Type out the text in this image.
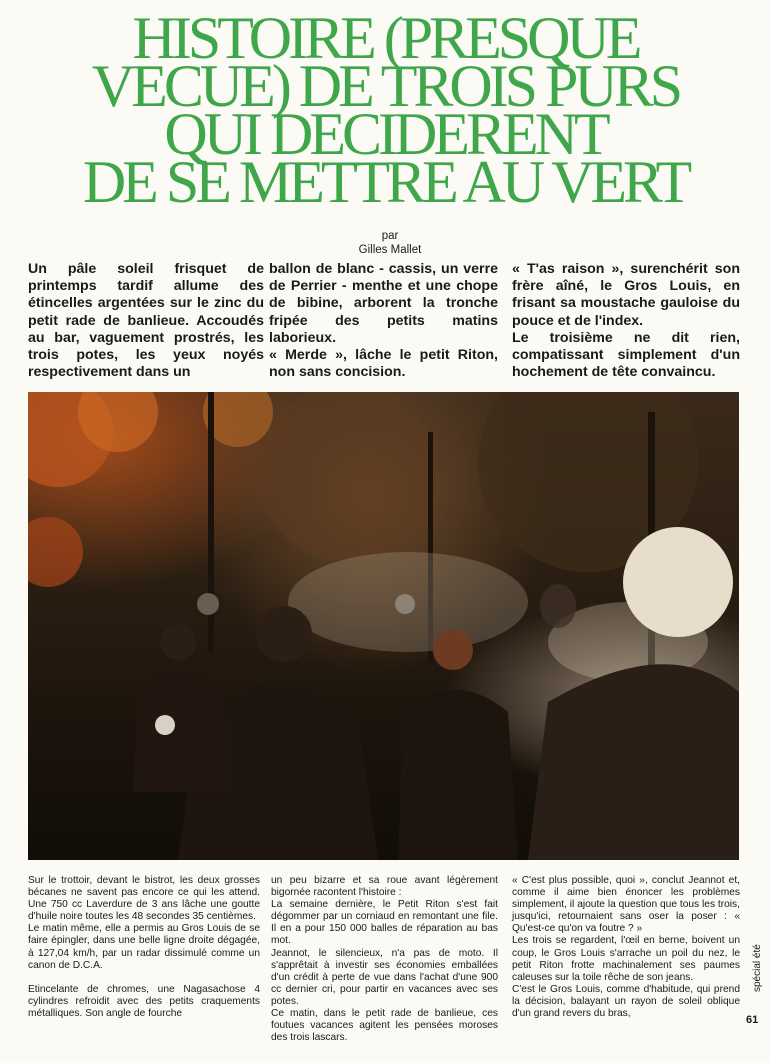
HISTOIRE (PRESQUE
VECUE) DE TROIS PURS
QUI DECIDERENT
DE SE METTRE AU VERT
par
Gilles Mallet

Un pâle soleil frisquet de printemps tardif allume des étincelles argentées sur le zinc du petit rade de banlieue. Accoudés au bar, vaguement prostrés, les trois potes, les yeux noyés respectivement dans un

ballon de blanc - cassis, un verre de Perrier - menthe et une chope de bibine, arborent la tronche fripée des petits matins laborieux.

« Merde », lâche le petit Riton, non sans concision.

« T'as raison », surenchérit son frère aîné, le Gros Louis, en frisant sa moustache gauloise du pouce et de l'index.

Le troisième ne dit rien, compatissant simplement d'un hochement de tête convaincu.

Sur le trottoir, devant le bistrot, les deux grosses bécanes ne savent pas encore ce qui les attend. Une 750 cc Laverdure de 3 ans lâche une goutte d'huile noire toutes les 48 secondes 35 centièmes.

Le matin même, elle a permis au Gros Louis de se faire épingler, dans une belle ligne droite dégagée, à 127,04 km/h, par un radar dissimulé comme un canon de D.C.A.

Etincelante de chromes, une Nagasachose 4 cylindres refroidit avec des petits craquements métalliques. Son angle de fourche

un peu bizarre et sa roue avant légèrement bigornée racontent l'histoire :

La semaine dernière, le Petit Riton s'est fait dégommer par un corniaud en remontant une file. Il en a pour 150 000 balles de réparation au bas mot.

Jeannot, le silencieux, n'a pas de moto. Il s'apprêtait à investir ses économies emballées d'un crédit à perte de vue dans l'achat d'une 900 cc dernier cri, pour partir en vacances avec ses potes.

Ce matin, dans le petit rade de banlieue, ces foutues vacances agitent les pensées moroses des trois lascars.

« C'est plus possible, quoi », conclut Jeannot et, comme il aime bien énoncer les problèmes simplement, il ajoute la question que tous les trois, jusqu'ici, retournaient sans oser la poser : « Qu'est-ce qu'on va foutre ? »

Les trois se regardent, l'œil en berne, boivent un coup, le Gros Louis s'arrache un poil du nez, le petit Riton frotte machinalement ses paumes caleuses sur la toile rêche de son jeans.

C'est le Gros Louis, comme d'habitude, qui prend la décision, balayant un rayon de soleil oblique d'un grand revers du bras,

spécial été
61
